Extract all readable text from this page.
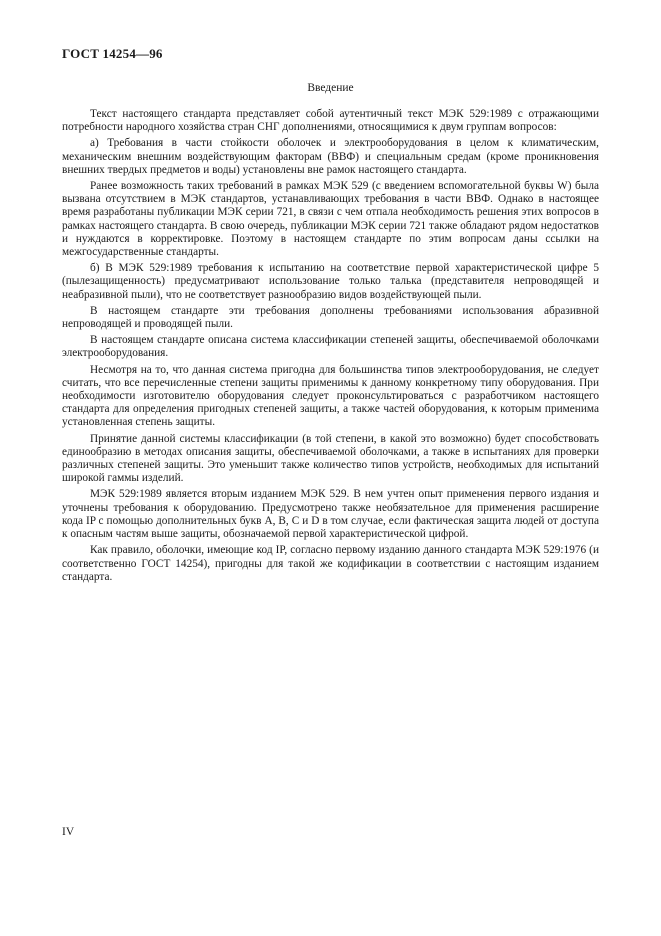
ГОСТ 14254—96
Введение

Текст настоящего стандарта представляет собой аутентичный текст МЭК 529:1989 с отражающими потребности народного хозяйства стран СНГ дополнениями, относящимися к двум группам вопросов:

а) Требования в части стойкости оболочек и электрооборудования в целом к климатическим, механическим внешним воздействующим факторам (ВВФ) и специальным средам (кроме проникновения внешних твердых предметов и воды) установлены вне рамок настоящего стандарта.

Ранее возможность таких требований в рамках МЭК 529 (с введением вспомогательной буквы W) была вызвана отсутствием в МЭК стандартов, устанавливающих требования в части ВВФ. Однако в настоящее время разработаны публикации МЭК серии 721, в связи с чем отпала необходимость решения этих вопросов в рамках настоящего стандарта. В свою очередь, публикации МЭК серии 721 также обладают рядом недостатков и нуждаются в корректировке. Поэтому в настоящем стандарте по этим вопросам даны ссылки на межгосударственные стандарты.

б) В МЭК 529:1989 требования к испытанию на соответствие первой характеристической цифре 5 (пылезащищенность) предусматривают использование только талька (представителя непроводящей и неабразивной пыли), что не соответствует разнообразию видов воздействующей пыли.

В настоящем стандарте эти требования дополнены требованиями использования абразивной непроводящей и проводящей пыли.

В настоящем стандарте описана система классификации степеней защиты, обеспечиваемой оболочками электрооборудования.

Несмотря на то, что данная система пригодна для большинства типов электрооборудования, не следует считать, что все перечисленные степени защиты применимы к данному конкретному типу оборудования. При необходимости изготовителю оборудования следует проконсультироваться с разработчиком настоящего стандарта для определения пригодных степеней защиты, а также частей оборудования, к которым применима установленная степень защиты.

Принятие данной системы классификации (в той степени, в какой это возможно) будет способствовать единообразию в методах описания защиты, обеспечиваемой оболочками, а также в испытаниях для проверки различных степеней защиты. Это уменьшит также количество типов устройств, необходимых для испытаний широкой гаммы изделий.

МЭК 529:1989 является вторым изданием МЭК 529. В нем учтен опыт применения первого издания и уточнены требования к оборудованию. Предусмотрено также необязательное для применения расширение кода IP с помощью дополнительных букв А, В, С и D в том случае, если фактическая защита людей от доступа к опасным частям выше защиты, обозначаемой первой характеристической цифрой.

Как правило, оболочки, имеющие код IP, согласно первому изданию данного стандарта МЭК 529:1976 (и соответственно ГОСТ 14254), пригодны для такой же кодификации в соответствии с настоящим изданием стандарта.

IV
